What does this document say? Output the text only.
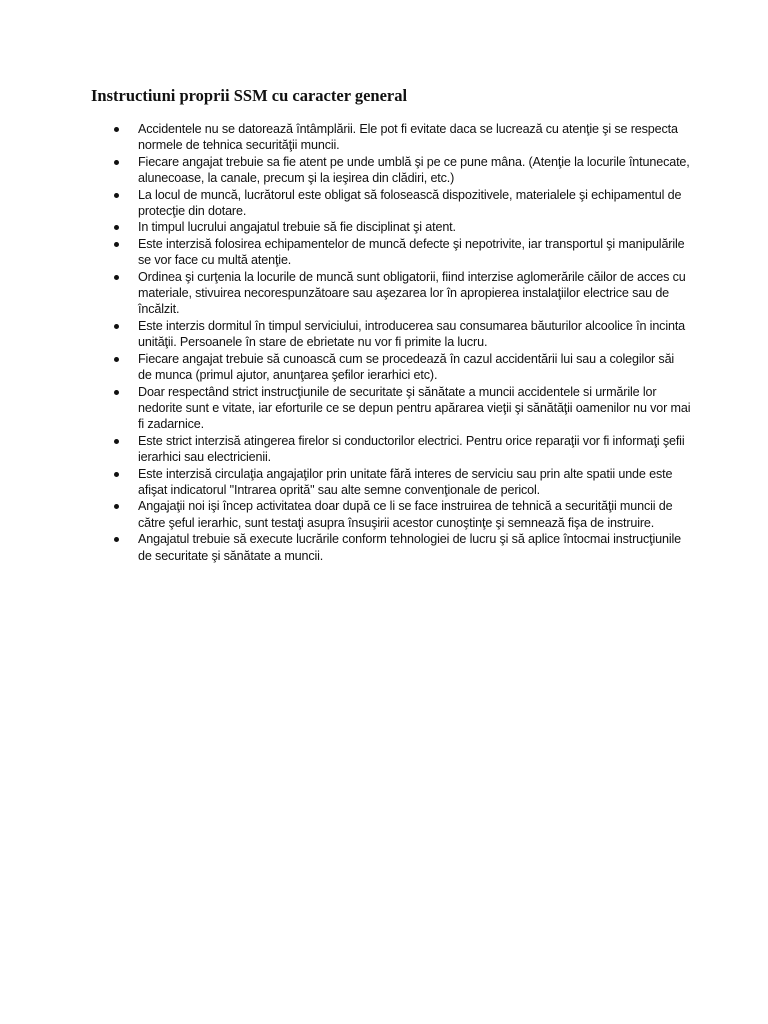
Instructiuni proprii SSM cu caracter general
Accidentele nu se datorează întâmplării. Ele pot fi evitate daca se lucrează cu atenţie şi se respecta normele de tehnica securităţii muncii.
Fiecare angajat trebuie sa fie atent pe unde umblă şi pe ce pune mâna. (Atenţie la locurile întunecate, alunecoase, la canale, precum şi la ieşirea din clădiri, etc.)
La locul de muncă, lucrătorul este obligat să folosească dispozitivele, materialele şi echipamentul de protecţie din dotare.
In timpul lucrului angajatul trebuie să fie disciplinat şi atent.
Este interzisă folosirea echipamentelor de muncă defecte şi nepotrivite, iar transportul şi manipulările se vor face cu multă atenţie.
Ordinea şi curţenia la locurile de muncă sunt obligatorii, fiind interzise aglomerările căilor de acces cu materiale, stivuirea necorespunzătoare sau aşezarea lor în apropierea instalaţiilor electrice sau de încălzit.
Este interzis dormitul în timpul serviciului, introducerea sau consumarea băuturilor alcoolice în incinta unităţii. Persoanele în stare de ebrietate nu vor fi primite la lucru.
Fiecare angajat trebuie să cunoască cum se procedează în cazul accidentării lui sau a colegilor săi de munca (primul ajutor, anunţarea şefilor ierarhici etc).
Doar respectând strict instrucţiunile de securitate şi sănătate a muncii accidentele si urmările lor nedorite sunt e vitate, iar eforturile ce se depun pentru apărarea vieţii şi sănătăţii oamenilor nu vor mai fi zadarnice.
Este strict interzisă atingerea firelor si conductorilor electrici. Pentru orice reparaţii vor fi informaţi şefii ierarhici sau electricienii.
Este interzisă circulaţia angajaţilor prin unitate fără interes de serviciu sau prin alte spatii unde este afişat indicatorul "Intrarea oprită" sau alte semne convenţionale de pericol.
Angajaţii noi işi încep activitatea doar după ce li se face instruirea de tehnică a securităţii muncii de către şeful ierarhic, sunt testaţi asupra însuşirii acestor cunoştinţe şi semnează fişa de instruire.
Angajatul trebuie să execute lucrările conform tehnologiei de lucru şi să aplice întocmai instrucţiunile de securitate şi sănătate a muncii.
